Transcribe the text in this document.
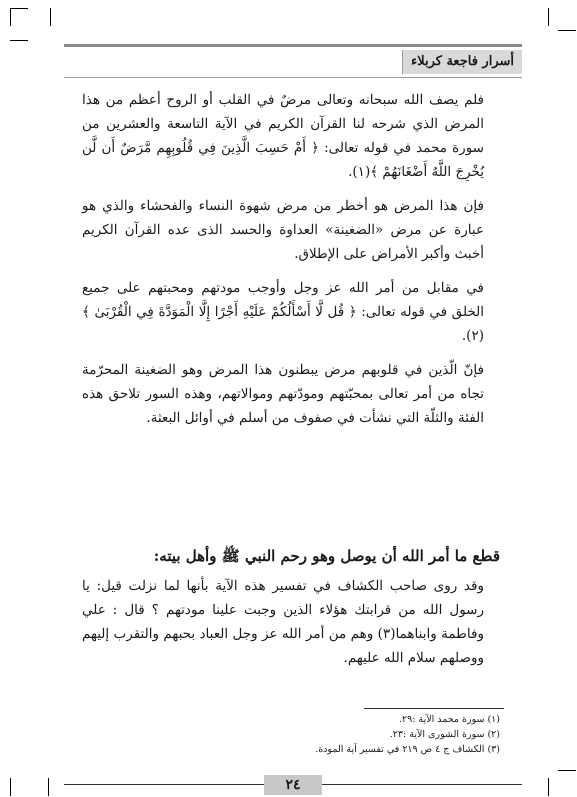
أسرار فاجعة كربلاء

فلم يصف الله سبحانه وتعالى مرضٌ في القلب أو الروح أعظم من هذا المرض الذي شرحه لنا القرآن الكريم في الآية التاسعة والعشرين من سورة محمد في قوله تعالى: ﴿ أَمْ حَسِبَ الَّذِينَ فِي قُلُوبِهِم مَّرَضٌ أَن لَّن يُخْرِجَ اللَّهُ أَضْغَانَهُمْ ﴾(١).

فإن هذا المرض هو أخطر من مرض شهوة النساء والفحشاء والذي هو عبارة عن مرض «الضغينة» العداوة والحسد الذى عده القرآن الكريم أخبث وأكبر الأمراض على الإطلاق.

في مقابل من أمر الله عز وجل وأوجب مودتهم ومحبتهم على جميع الخلق في قوله تعالى: ﴿ قُل لَّا أَسْأَلُكُمْ عَلَيْهِ أَجْرًا إِلَّا الْمَوَدَّةَ فِي الْقُرْبَىٰ ﴾(٢).

فإنّ الّذين في قلوبهم مرض يبطنون هذا المرض وهو الضغينة المحرّمة تجاه من أمر تعالى بمحبّتهم ومودّتهم وموالاتهم، وهذه السور تلاحق هذه الفئة والثلّة التي نشأت في صفوف من أسلم في أوائل البعثة.

قطع ما أمر الله أن يوصل وهو رحم النبي ﷺ وأهل بيته:

وقد روى صاحب الكشاف في تفسير هذه الآية بأنها لما نزلت قيل: يا رسول الله من قرابتك هؤلاء الذين وجبت علينا مودتهم ؟ قال : علي وفاطمة وابناهما(٣) وهم من أمر الله عز وجل العباد بحبهم والتقرب إليهم ووصلهم سلام الله عليهم.

(١) سورة محمد الآية :٢٩.
(٢) سورة الشورى الآية :٢٣.
(٣) الكشاف ج ٤ ص ٢١٩ في تفسير آية المودة.
٢٤
